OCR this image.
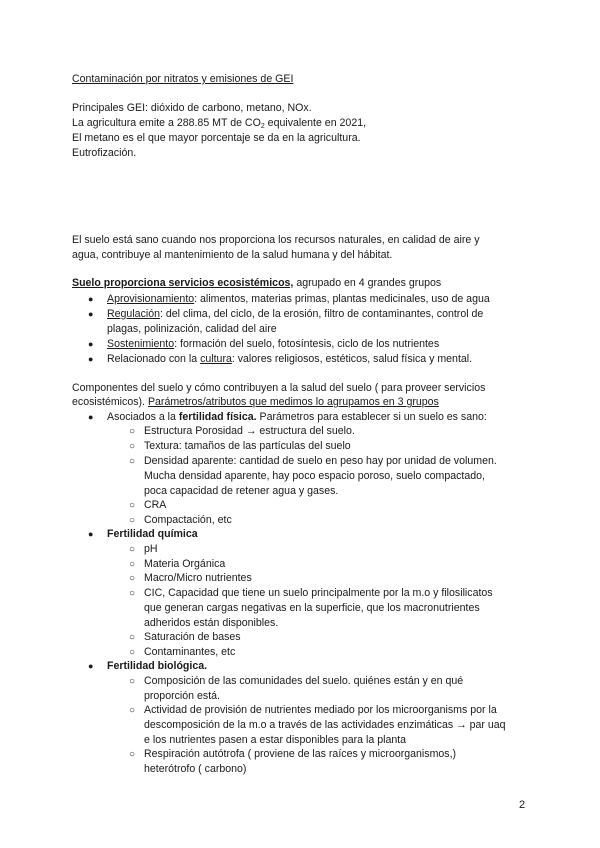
Contaminación por nitratos y emisiones de GEI
Principales GEI: dióxido de carbono, metano, NOx.
La agricultura emite a 288.85 MT de $CO_2$ equivalente en 2021,
El metano es el que mayor porcentaje se da en la agricultura.
Eutrofización.
El suelo está sano cuando nos proporciona los recursos naturales, en calidad de aire y
agua, contribuye al mantenimiento de la salud humana y del hábitat.
Suelo proporciona servicios ecosistémicos, agrupado en 4 grandes grupos
● Aprovisionamiento: alimentos, materias primas, plantas medicinales, uso de agua
● Regulación: del clima, del ciclo, de la erosión, filtro de contaminantes, control de
plagas, polinización, calidad del aire
● Sostenimiento: formación del suelo, fotosíntesis, ciclo de los nutrientes
● Relacionado con la cultura: valores religiosos, estéticos, salud física y mental.
Componentes del suelo y cómo contribuyen a la salud del suelo ( para proveer servicios
ecosistémicos). Parámetros/atributos que medimos lo agrupamos en 3 grupos
● Asociados a la fertilidad física. Parámetros para establecer si un suelo es sano:
○ Estructura Porosidad → estructura del suelo.
○ Textura: tamaños de las partículas del suelo
○ Densidad aparente: cantidad de suelo en peso hay por unidad de volumen.
Mucha densidad aparente, hay poco espacio poroso, suelo compactado,
poca capacidad de retener agua y gases.
○ CRA
○ Compactación, etc
● Fertilidad química
○ pH
○ Materia Orgánica
○ Macro/Micro nutrientes
○ CIC, Capacidad que tiene un suelo principalmente por la m.o y filosilicatos
que generan cargas negativas en la superficie, que los macronutrientes
adheridos están disponibles.
○ Saturación de bases
○ Contaminantes, etc
● Fertilidad biológica.
○ Composición de las comunidades del suelo. quiénes están y en qué
proporción está.
○ Actividad de provisión de nutrientes mediado por los microorganisms por la
descomposición de la m.o a través de las actividades enzimáticas → par uaq
e los nutrientes pasen a estar disponibles para la planta
○ Respiración autótrofa ( proviene de las raíces y microorganismos,)
heterótrofo ( carbono)
2
